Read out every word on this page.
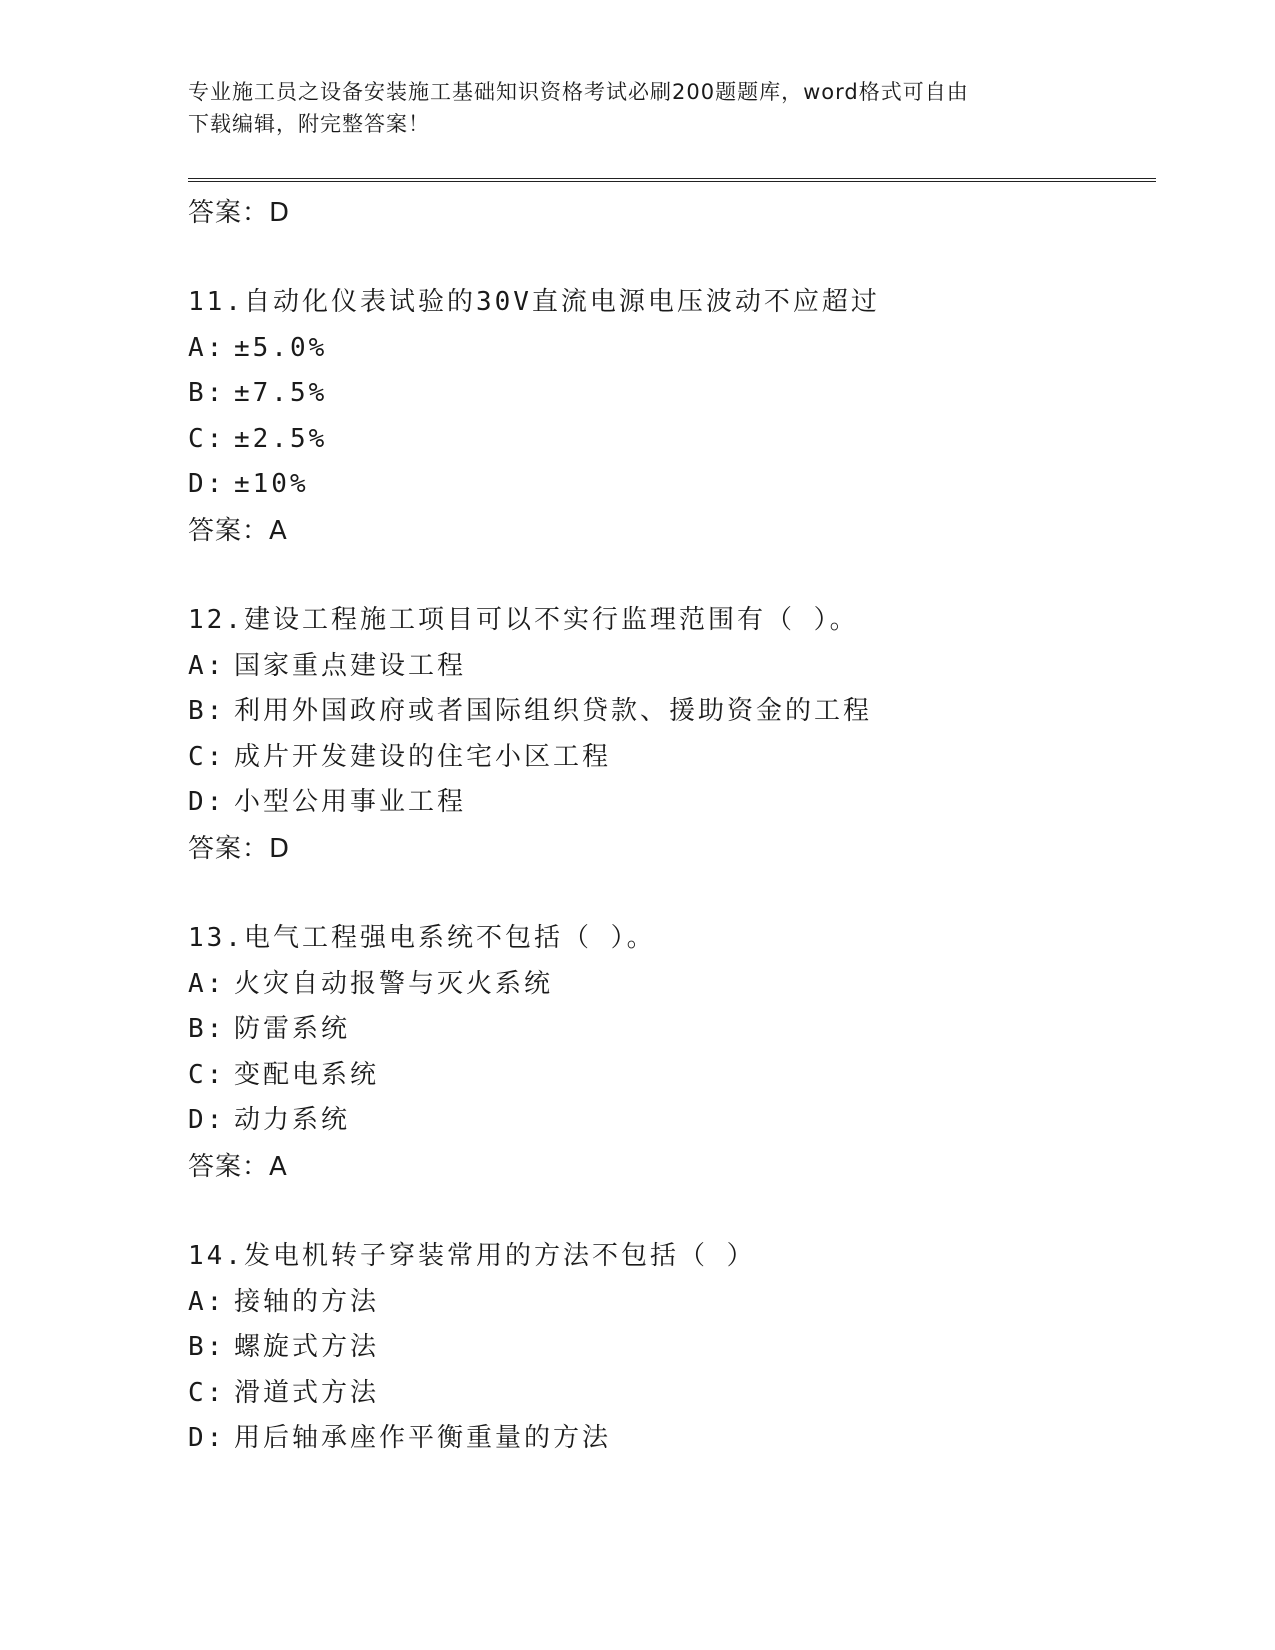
专业施工员之设备安装施工基础知识资格考试必刷200题题库，word格式可自由
下载编辑，附完整答案！
答案：D
11.自动化仪表试验的30V直流电源电压波动不应超过
A: ±5.0%
B: ±7.5%
C: ±2.5%
D: ±10%
答案：A
12.建设工程施工项目可以不实行监理范围有（ ）。
A: 国家重点建设工程
B: 利用外国政府或者国际组织贷款、援助资金的工程
C: 成片开发建设的住宅小区工程
D: 小型公用事业工程
答案：D
13.电气工程强电系统不包括（ ）。
A: 火灾自动报警与灭火系统
B: 防雷系统
C: 变配电系统
D: 动力系统
答案：A
14.发电机转子穿装常用的方法不包括（ ）
A: 接轴的方法
B: 螺旋式方法
C: 滑道式方法
D: 用后轴承座作平衡重量的方法
